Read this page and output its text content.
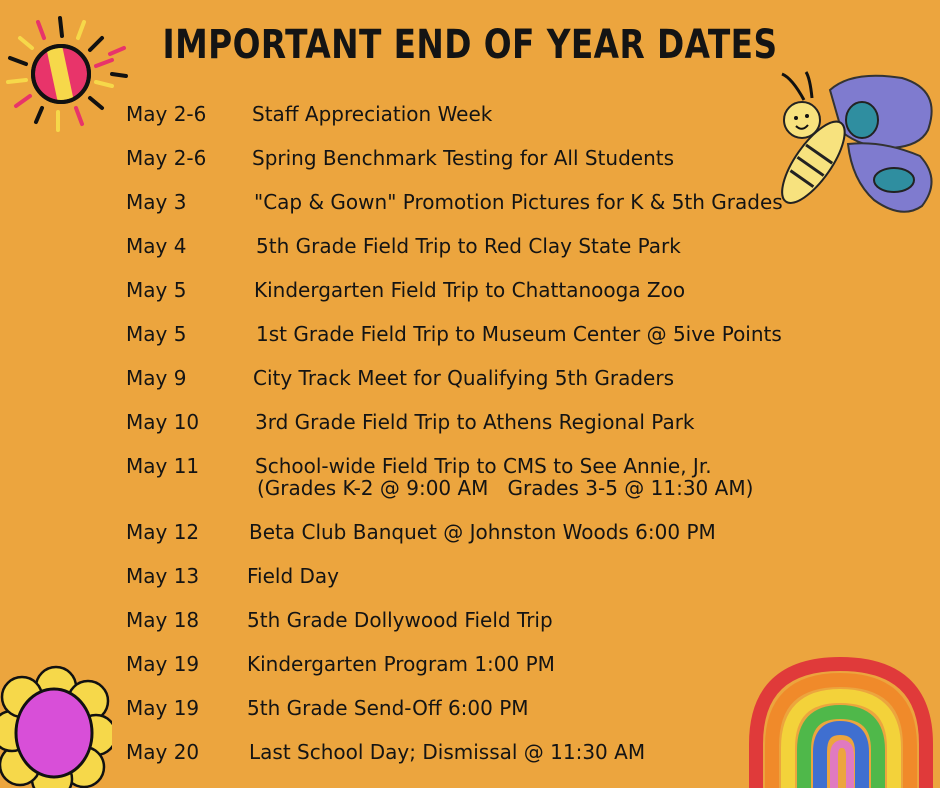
IMPORTANT END OF YEAR DATES
May 2-6 Staff Appreciation Week
May 2-6 Spring Benchmark Testing for All Students
May 3	"Cap & Gown" Promotion Pictures for K & 5th Grades
May 4	5th Grade Field Trip to Red Clay State Park
May 5	Kindergarten Field Trip to Chattanooga Zoo
May 5	1st Grade Field Trip to Museum Center @ 5ive Points
May 9	City Track Meet for Qualifying 5th Graders
May 10	3rd Grade Field Trip to Athens Regional Park
May 11	School-wide Field Trip to CMS to See Annie, Jr.
(Grades K-2 @ 9:00 AM   Grades 3-5 @ 11:30 AM)
May 12 Beta Club Banquet @ Johnston Woods 6:00 PM
May 13 Field Day
May 18 5th Grade Dollywood Field Trip
May 19 Kindergarten Program 1:00 PM
May 19 5th Grade Send-Off 6:00 PM
May 20 Last School Day; Dismissal @ 11:30 AM
